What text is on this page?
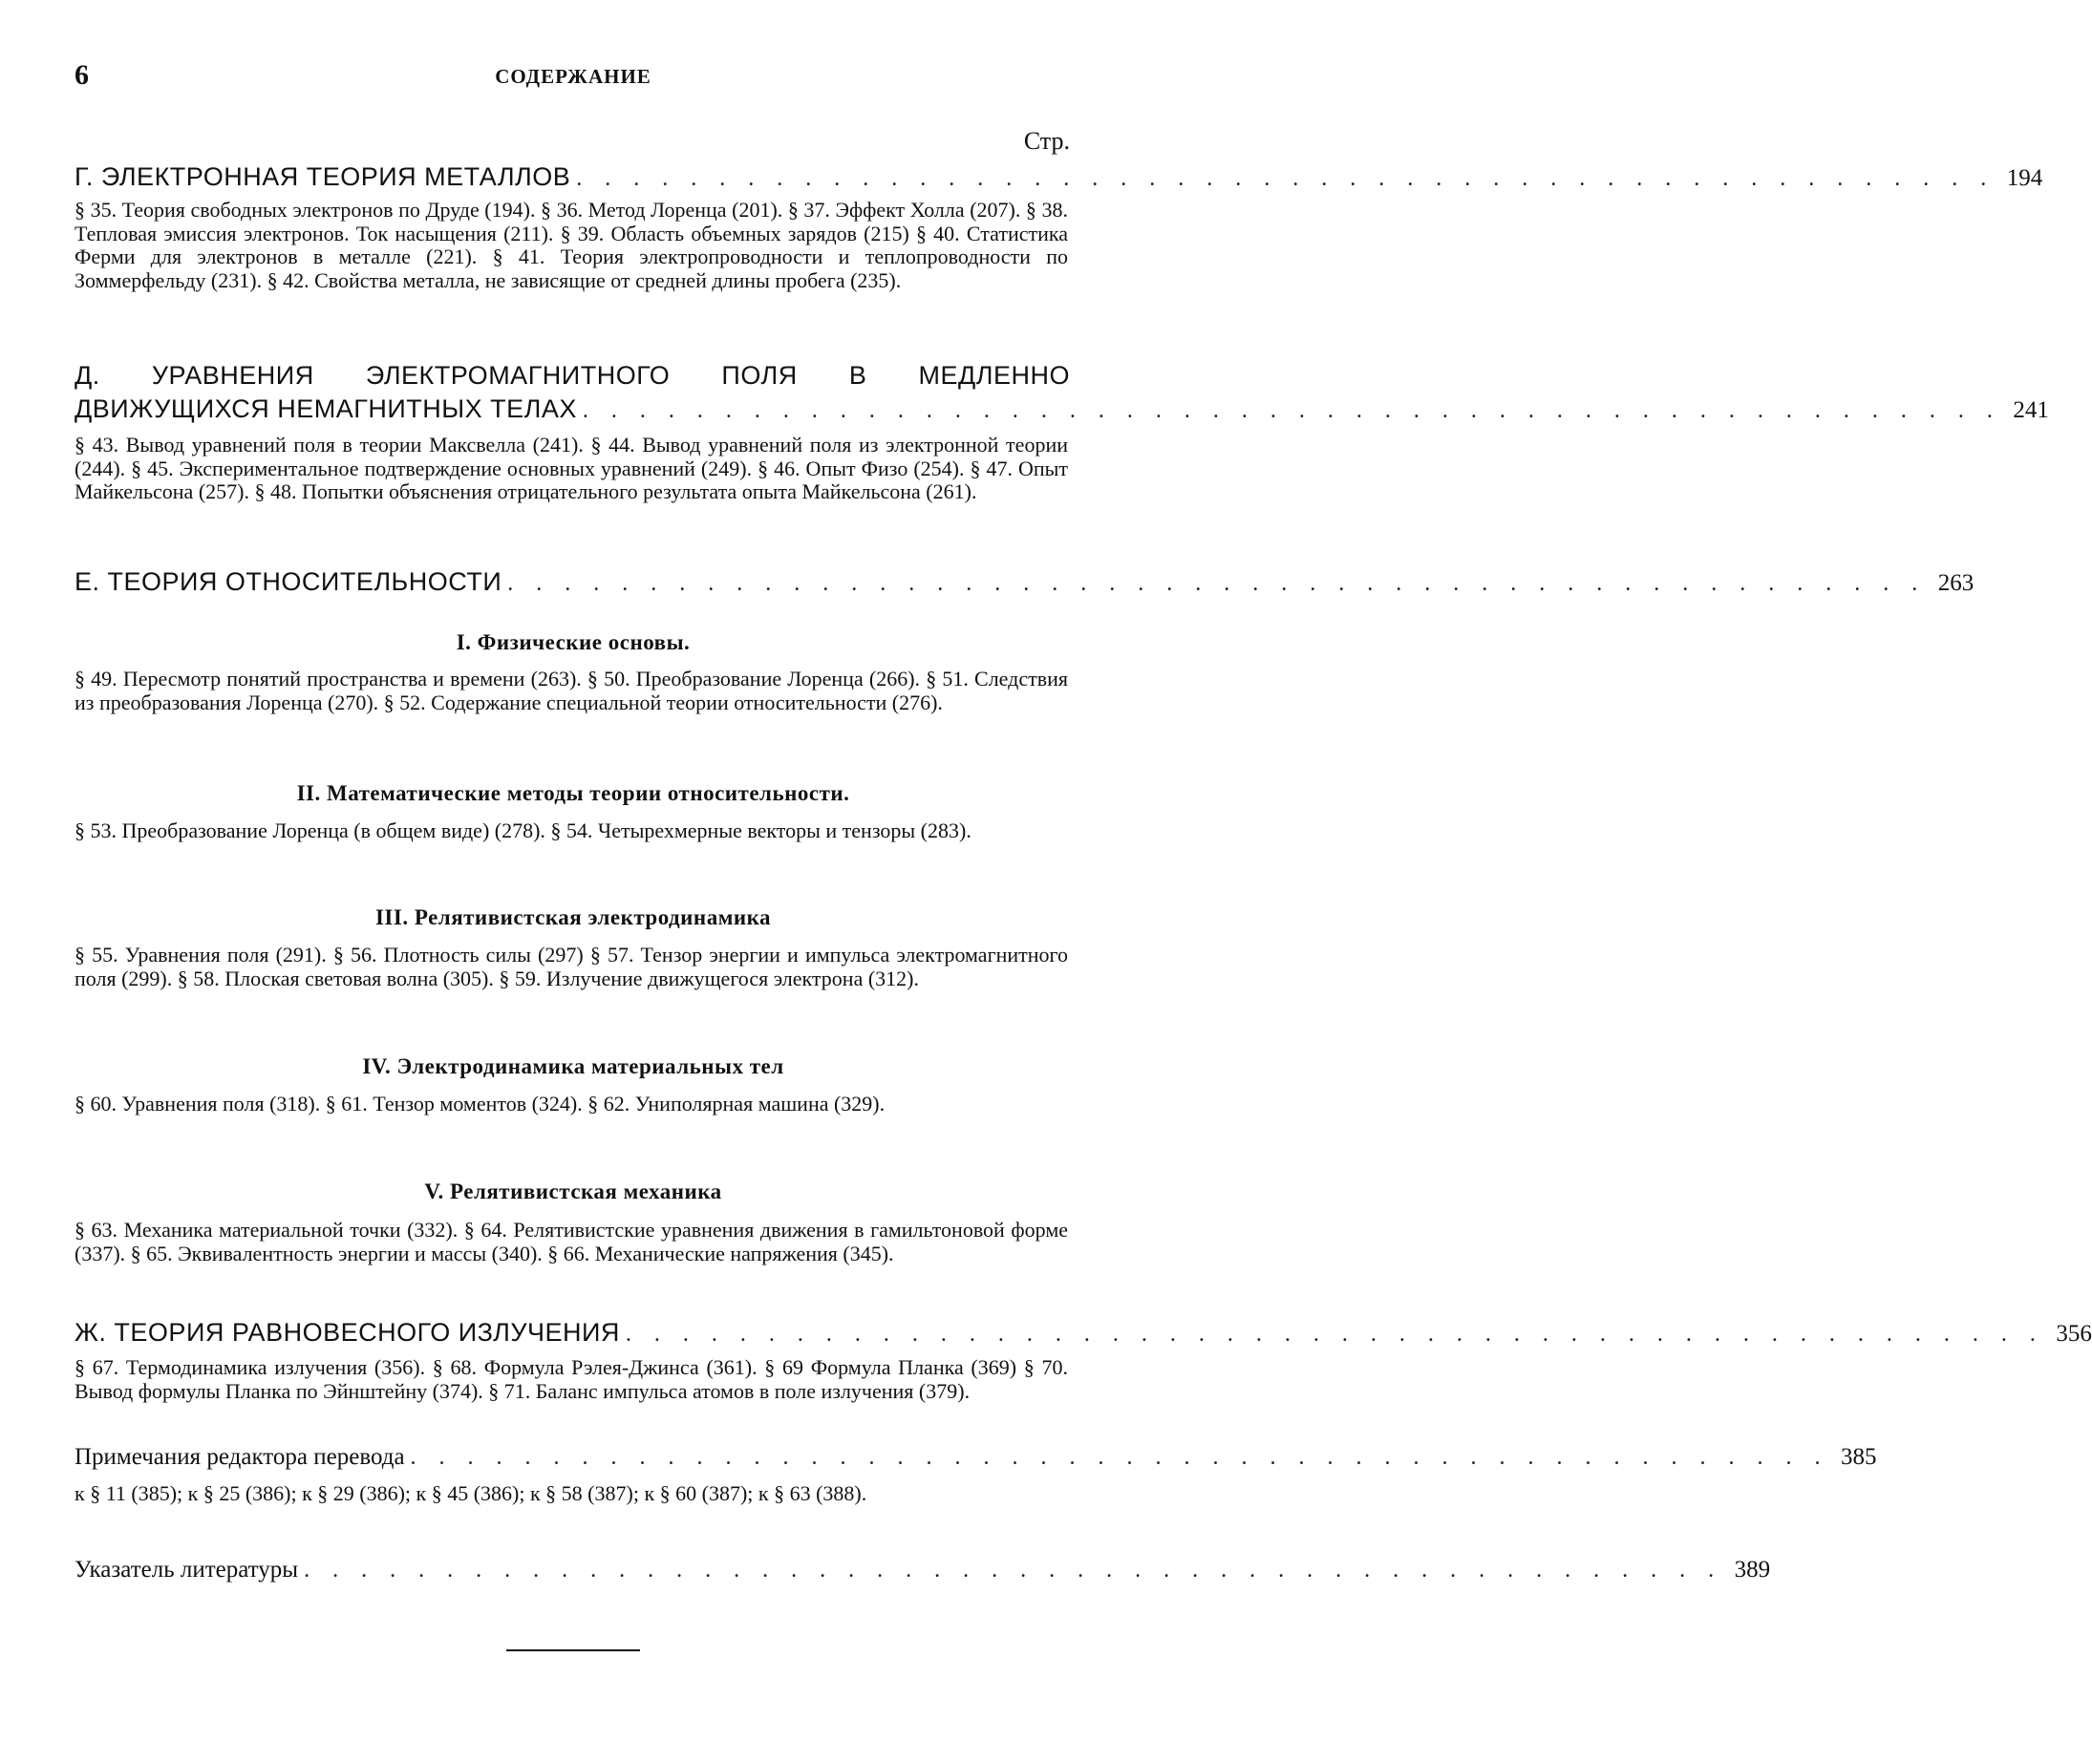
6	СОДЕРЖАНИЕ
Стр.
Г. ЭЛЕКТРОННАЯ ТЕОРИЯ МЕТАЛЛОВ . . . . . . . . . . . . . . . . . . . . . . . . . . . . . . . . . . . . . . . . . . . . . . . . . . 194
§ 35. Теория свободных электронов по Друде (194). § 36. Метод Лоренца (201). § 37. Эффект Холла (207). § 38. Тепловая эмиссия электронов. Ток насыщения (211). § 39. Область объемных зарядов (215) § 40. Статистика Ферми для электронов в металле (221). § 41. Теория электропроводности и теплопроводности по Зоммерфельду (231). § 42. Свойства металла, не зависящие от средней длины пробега (235).
Д. УРАВНЕНИЯ ЭЛЕКТРОМАГНИТНОГО ПОЛЯ В МЕДЛЕННО
ДВИЖУЩИХСЯ НЕМАГНИТНЫХ ТЕЛАХ . . . . . . . . . . . . . . . . . . . . . . . . . . . . . . . . . . . . . . . . . . . . . . . . . . 241
§ 43. Вывод уравнений поля в теории Максвелла (241). § 44. Вывод уравнений поля из электронной теории (244). § 45. Экспериментальное подтверждение основных уравнений (249). § 46. Опыт Физо (254). § 47. Опыт Майкельсона (257). § 48. Попытки объяснения отрицательного результата опыта Майкельсона (261).
Е. ТЕОРИЯ ОТНОСИТЕЛЬНОСТИ . . . . . . . . . . . . . . . . . . . . . . . . . . . . . . . . . . . . . . . . . . . . . . . . . . 263
I. Физические основы.
§ 49. Пересмотр понятий пространства и времени (263). § 50. Преобразование Лоренца (266). § 51. Следствия из преобразования Лоренца (270). § 52. Содержание специальной теории относительности (276).
II. Математические методы теории относительности.
§ 53. Преобразование Лоренца (в общем виде) (278). § 54. Четырехмерные векторы и тензоры (283).
III. Релятивистская электродинамика
§ 55. Уравнения поля (291). § 56. Плотность силы (297) § 57. Тензор энергии и импульса электромагнитного поля (299). § 58. Плоская световая волна (305). § 59. Излучение движущегося электрона (312).
IV. Электродинамика материальных тел
§ 60. Уравнения поля (318). § 61. Тензор моментов (324). § 62. Униполярная машина (329).
V. Релятивистская механика
§ 63. Механика материальной точки (332). § 64. Релятивистские уравнения движения в гамильтоновой форме (337). § 65. Эквивалентность энергии и массы (340). § 66. Механические напряжения (345).
Ж. ТЕОРИЯ РАВНОВЕСНОГО ИЗЛУЧЕНИЯ . . . . . . . . . . . . . . . . . . . . . . . . . . . . . . . . . . . . . . . . . . . . . . . . . . 356
§ 67. Термодинамика излучения (356). § 68. Формула Рэлея-Джинса (361). § 69 Формула Планка (369) § 70. Вывод формулы Планка по Эйнштейну (374). § 71. Баланс импульса атомов в поле излучения (379).
Примечания редактора перевода . . . . . . . . . . . . . . . . . . . . . . . . . . . . . . . . . . . . . . . . . . . . . . . . . . 385
к § 11 (385); к § 25 (386); к § 29 (386); к § 45 (386); к § 58 (387); к § 60 (387); к § 63 (388).
Указатель литературы . . . . . . . . . . . . . . . . . . . . . . . . . . . . . . . . . . . . . . . . . . . . . . . . . . 389
